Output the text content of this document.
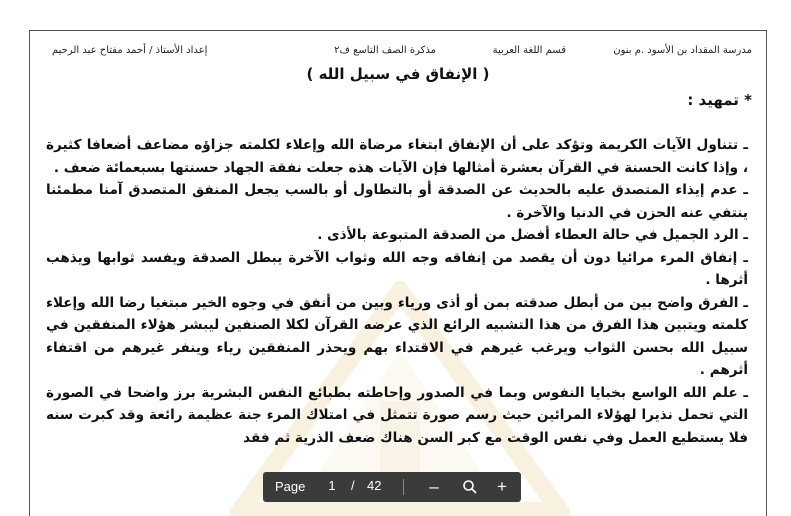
مدرسة المقداد بن الأسود .م بنون
قسم اللغة العربية
مذكرة الصف التاسع ف٢
إعداد الأستاذ / أحمد مفتاح عبد الرحيم
( الإنفاق في سبيل الله )
* تمهيد :

ـ تتناول الآيات الكريمة وتؤكد على أن الإنفاق ابتغاء مرضاة الله وإعلاء لكلمته جزاؤه مضاعف أضعافا كثيرة ، وإذا كانت الحسنة في القرآن بعشرة أمثالها فإن الآيات هذه جعلت نفقة الجهاد حسنتها بسبعمائة ضعف .

ـ عدم إيذاء المتصدق عليه بالحديث عن الصدقة أو بالتطاول أو بالسب يجعل المنفق المتصدق آمنا مطمئنا ينتفي عنه الحزن في الدنيا والآخرة .

ـ الرد الجميل في حالة العطاء أفضل من الصدقة المتبوعة بالأذى .

ـ إنفاق المرء مرائيا دون أن يقصد من إنفاقه وجه الله وثواب الآخرة يبطل الصدقة ويفسد ثوابها ويذهب أثرها .

ـ الفرق واضح بين من أبطل صدقته بمن أو أذى ورياء وبين من أنفق في وجوه الخير مبتغيا رضا الله وإعلاء كلمته ويتبين هذا الفرق من هذا التشبيه الرائع الذي عرضه القرآن لكلا الصنفين ليبشر هؤلاء المنفقين في سبيل الله بحسن الثواب ويرغب غيرهم في الاقتداء بهم ويحذر المنفقين رياء وينفر غيرهم من اقتفاء أثرهم .

ـ علم الله الواسع بخبايا النفوس وبما في الصدور وإحاطته بطبائع النفس البشرية برز واضحا في الصورة التي تحمل نذيرا لهؤلاء المرائين حيث رسم صورة تتمثل في امتلاك المرء جنة عظيمة رائعة وقد كبرت سنه فلا يستطيع العمل وفي نفس الوقت مع كبر السن هناك ضعف الذرية ثم فقد

Page	1	/ 42	–	+
